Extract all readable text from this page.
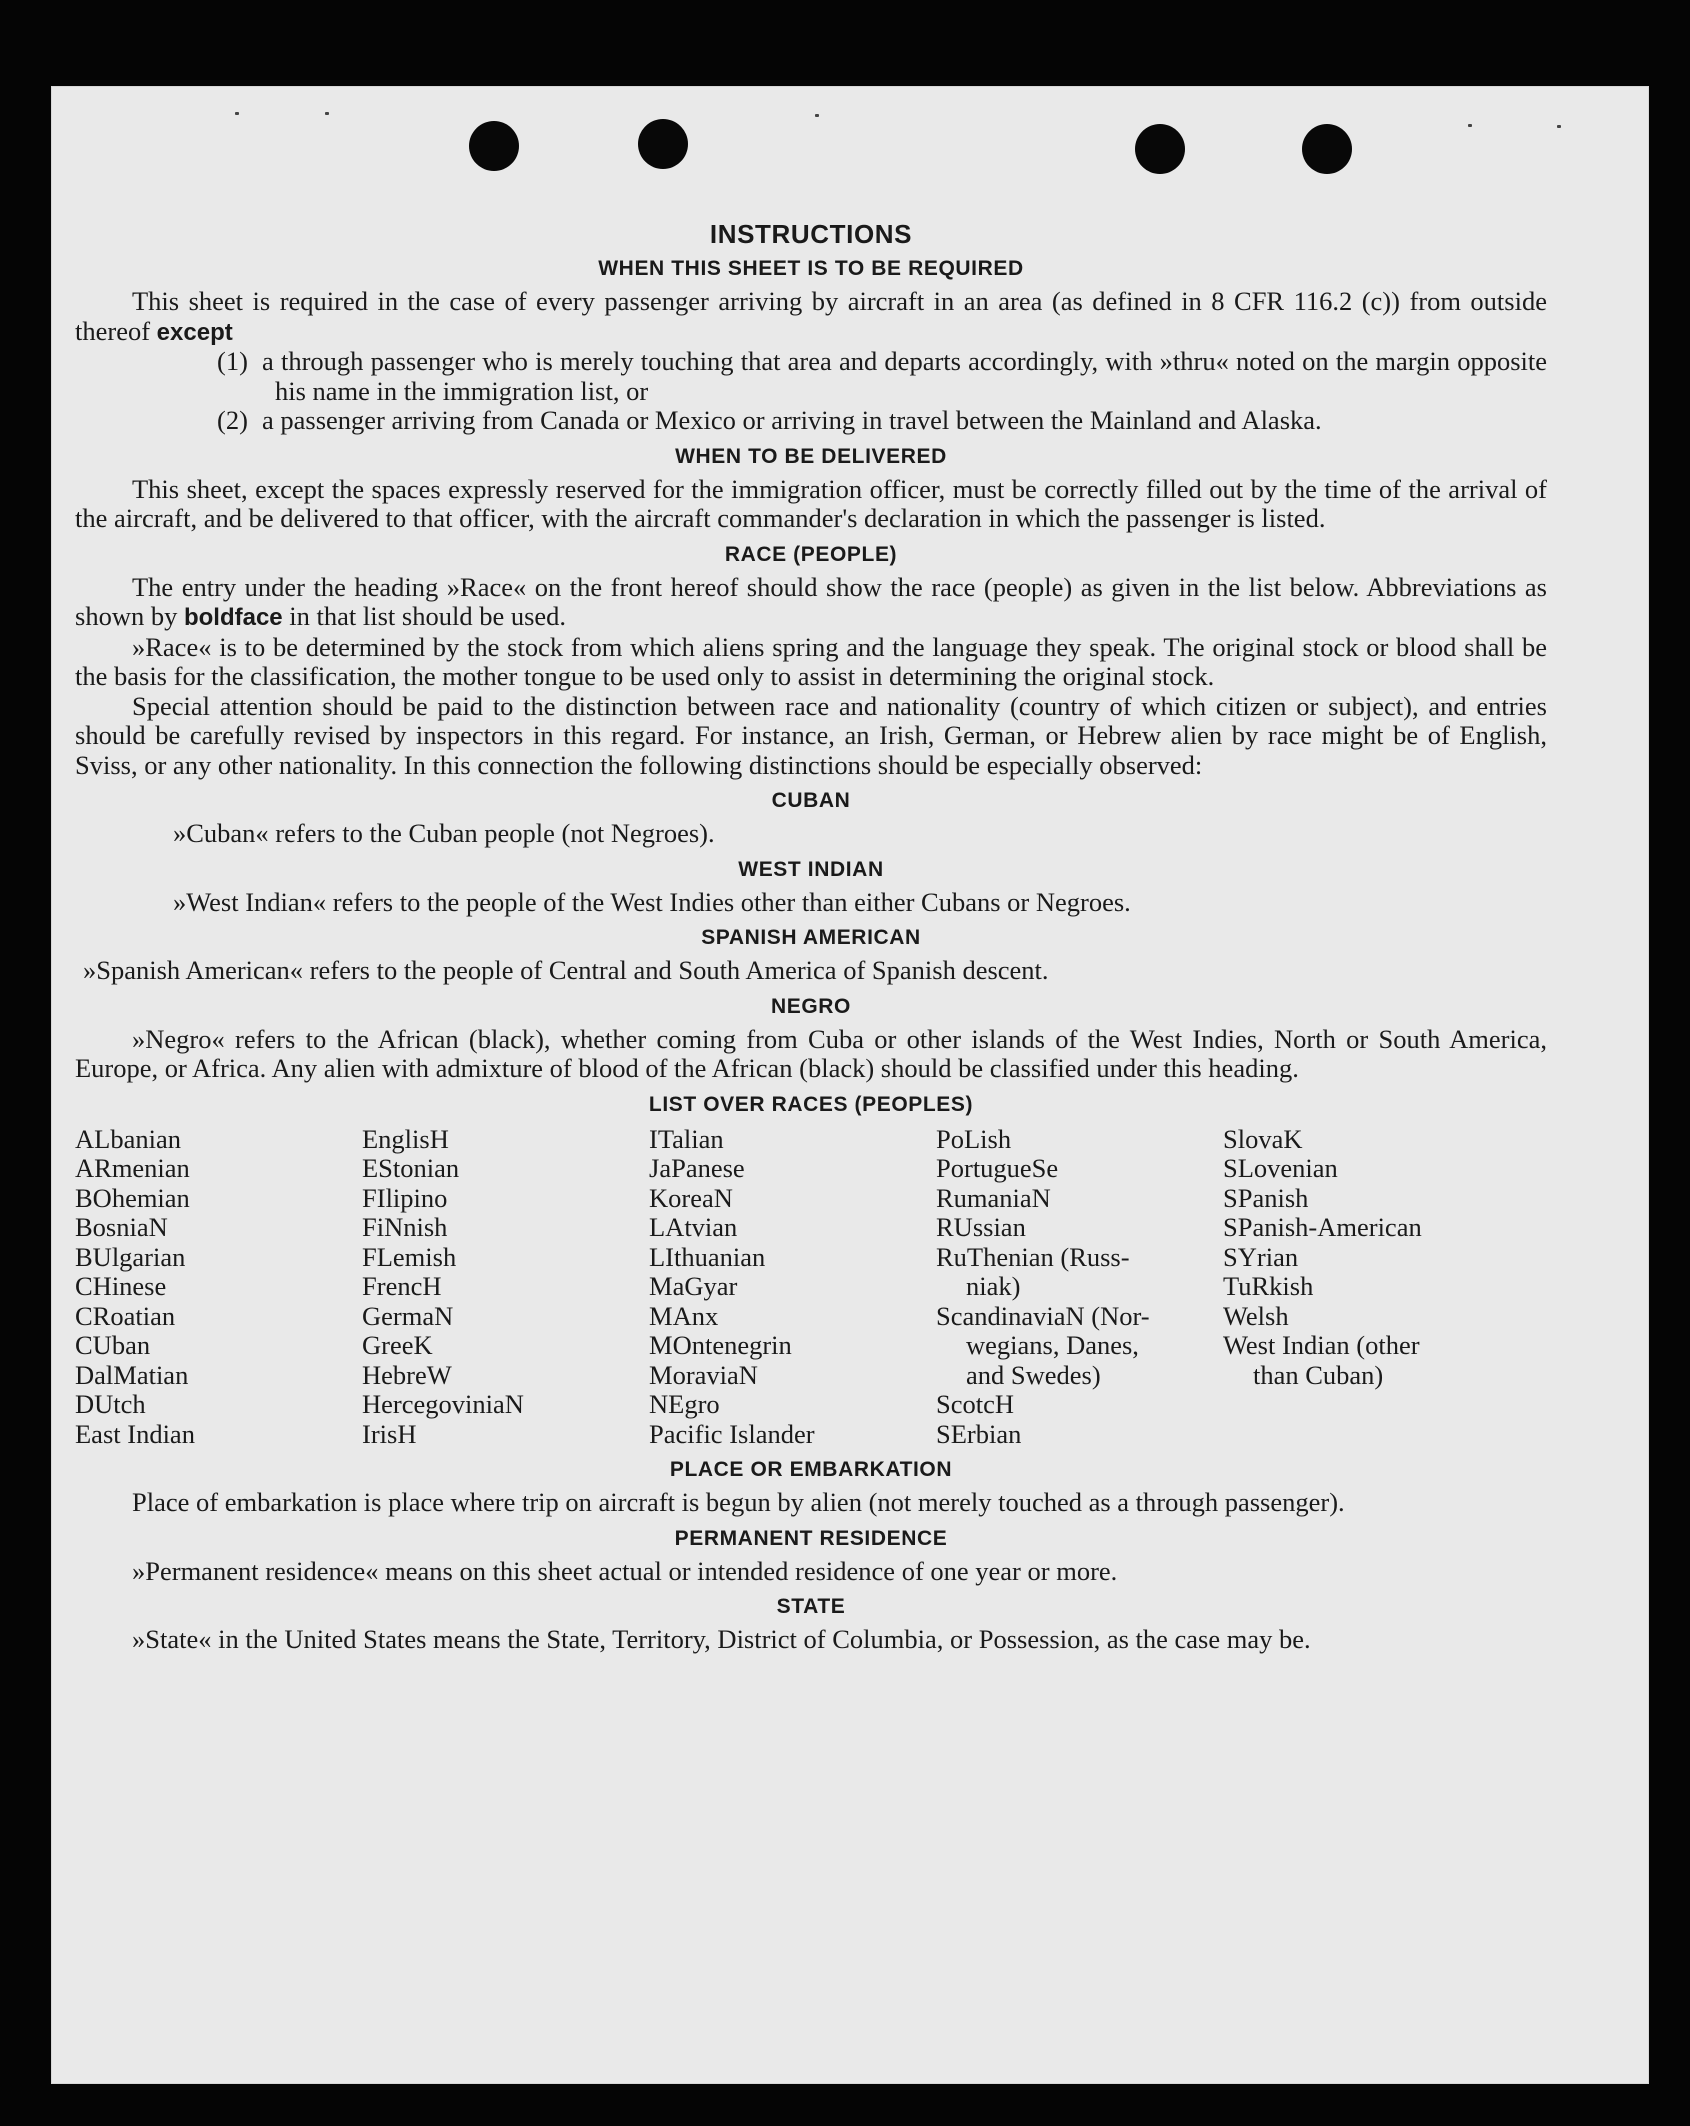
INSTRUCTIONS
WHEN THIS SHEET IS TO BE REQUIRED

This sheet is required in the case of every passenger arriving by aircraft in an area (as defined in 8 CFR 116.2 (c)) from outside thereof except

(1) a through passenger who is merely touching that area and departs accordingly, with »thru« noted on the margin opposite his name in the immigration list, or

(2) a passenger arriving from Canada or Mexico or arriving in travel between the Mainland and Alaska.

WHEN TO BE DELIVERED

This sheet, except the spaces expressly reserved for the immigration officer, must be correctly filled out by the time of the arrival of the aircraft, and be delivered to that officer, with the aircraft commander's declaration in which the passenger is listed.

RACE (PEOPLE)

The entry under the heading »Race« on the front hereof should show the race (people) as given in the list below. Abbreviations as shown by boldface in that list should be used.

»Race« is to be determined by the stock from which aliens spring and the language they speak. The original stock or blood shall be the basis for the classification, the mother tongue to be used only to assist in determining the original stock.

Special attention should be paid to the distinction between race and nationality (country of which citizen or subject), and entries should be carefully revised by inspectors in this regard. For instance, an Irish, German, or Hebrew alien by race might be of English, Sviss, or any other nationality. In this connection the following distinctions should be especially observed:

CUBAN

»Cuban« refers to the Cuban people (not Negroes).

WEST INDIAN

»West Indian« refers to the people of the West Indies other than either Cubans or Negroes.

SPANISH AMERICAN

»Spanish American« refers to the people of Central and South America of Spanish descent.

NEGRO

»Negro« refers to the African (black), whether coming from Cuba or other islands of the West Indies, North or South America, Europe, or Africa. Any alien with admixture of blood of the African (black) should be classified under this heading.

LIST OVER RACES (PEOPLES)
ALbanian
ARmenian
BOhemian
BosniaN
BUlgarian
CHinese
CRoatian
CUban
DalMatian
DUtch
East Indian
EnglisH
EStonian
FIlipino
FiNnish
FLemish
FrencH
GermaN
GreeK
HebreW
HercegoviniaN
IrisH
ITalian
JaPanese
KoreaN
LAtvian
LIthuanian
MaGyar
MAnx
MOntenegrin
MoraviaN
NEgro
Pacific Islander
PoLish
PortugueSe
RumaniaN
RUssian
RuThenian (Russ-
niak)
ScandinaviaN (Nor-
wegians, Danes,
and Swedes)
ScotcH
SErbian
SlovaK
SLovenian
SPanish
SPanish-American
SYrian
TuRkish
Welsh
West Indian (other
than Cuban)
PLACE OR EMBARKATION

Place of embarkation is place where trip on aircraft is begun by alien (not merely touched as a through passenger).

PERMANENT RESIDENCE

»Permanent residence« means on this sheet actual or intended residence of one year or more.

STATE

»State« in the United States means the State, Territory, District of Columbia, or Possession, as the case may be.
